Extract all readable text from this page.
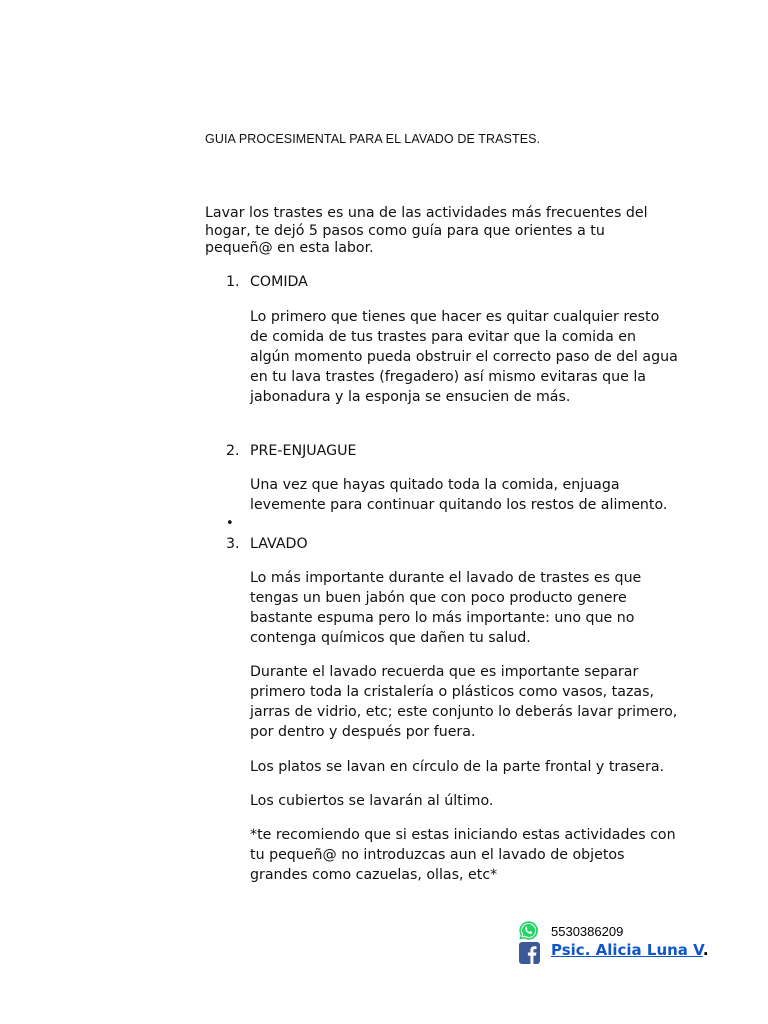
GUIA PROCESIMENTAL PARA EL LAVADO DE TRASTES.
Lavar los trastes es una de las actividades más frecuentes del hogar, te dejó 5 pasos como guía para que orientes a tu pequeñ@ en esta labor.
1. COMIDA
Lo primero que tienes que hacer es quitar cualquier resto de comida de tus trastes para evitar que la comida en algún momento pueda obstruir el correcto paso de del agua en tu lava trastes (fregadero) así mismo evitaras que la jabonadura y la esponja se ensucien de más.
2. PRE-ENJUAGUE
Una vez que hayas quitado toda la comida, enjuaga levemente para continuar quitando los restos de alimento.
•
3. LAVADO
Lo más importante durante el lavado de trastes es que tengas un buen jabón que con poco producto genere bastante espuma pero lo más importante: uno que no contenga químicos que dañen tu salud.
Durante el lavado recuerda que es importante separar primero toda la cristalería o plásticos como vasos, tazas, jarras de vidrio, etc; este conjunto lo deberás lavar primero, por dentro y después por fuera.
Los platos se lavan en círculo de la parte frontal y trasera.
Los cubiertos se lavarán al último.
*te recomiendo que si estas iniciando estas actividades con tu pequeñ@ no introduzcas aun el lavado de objetos grandes como cazuelas, ollas, etc*
5530386209
Psic. Alicia Luna V.
